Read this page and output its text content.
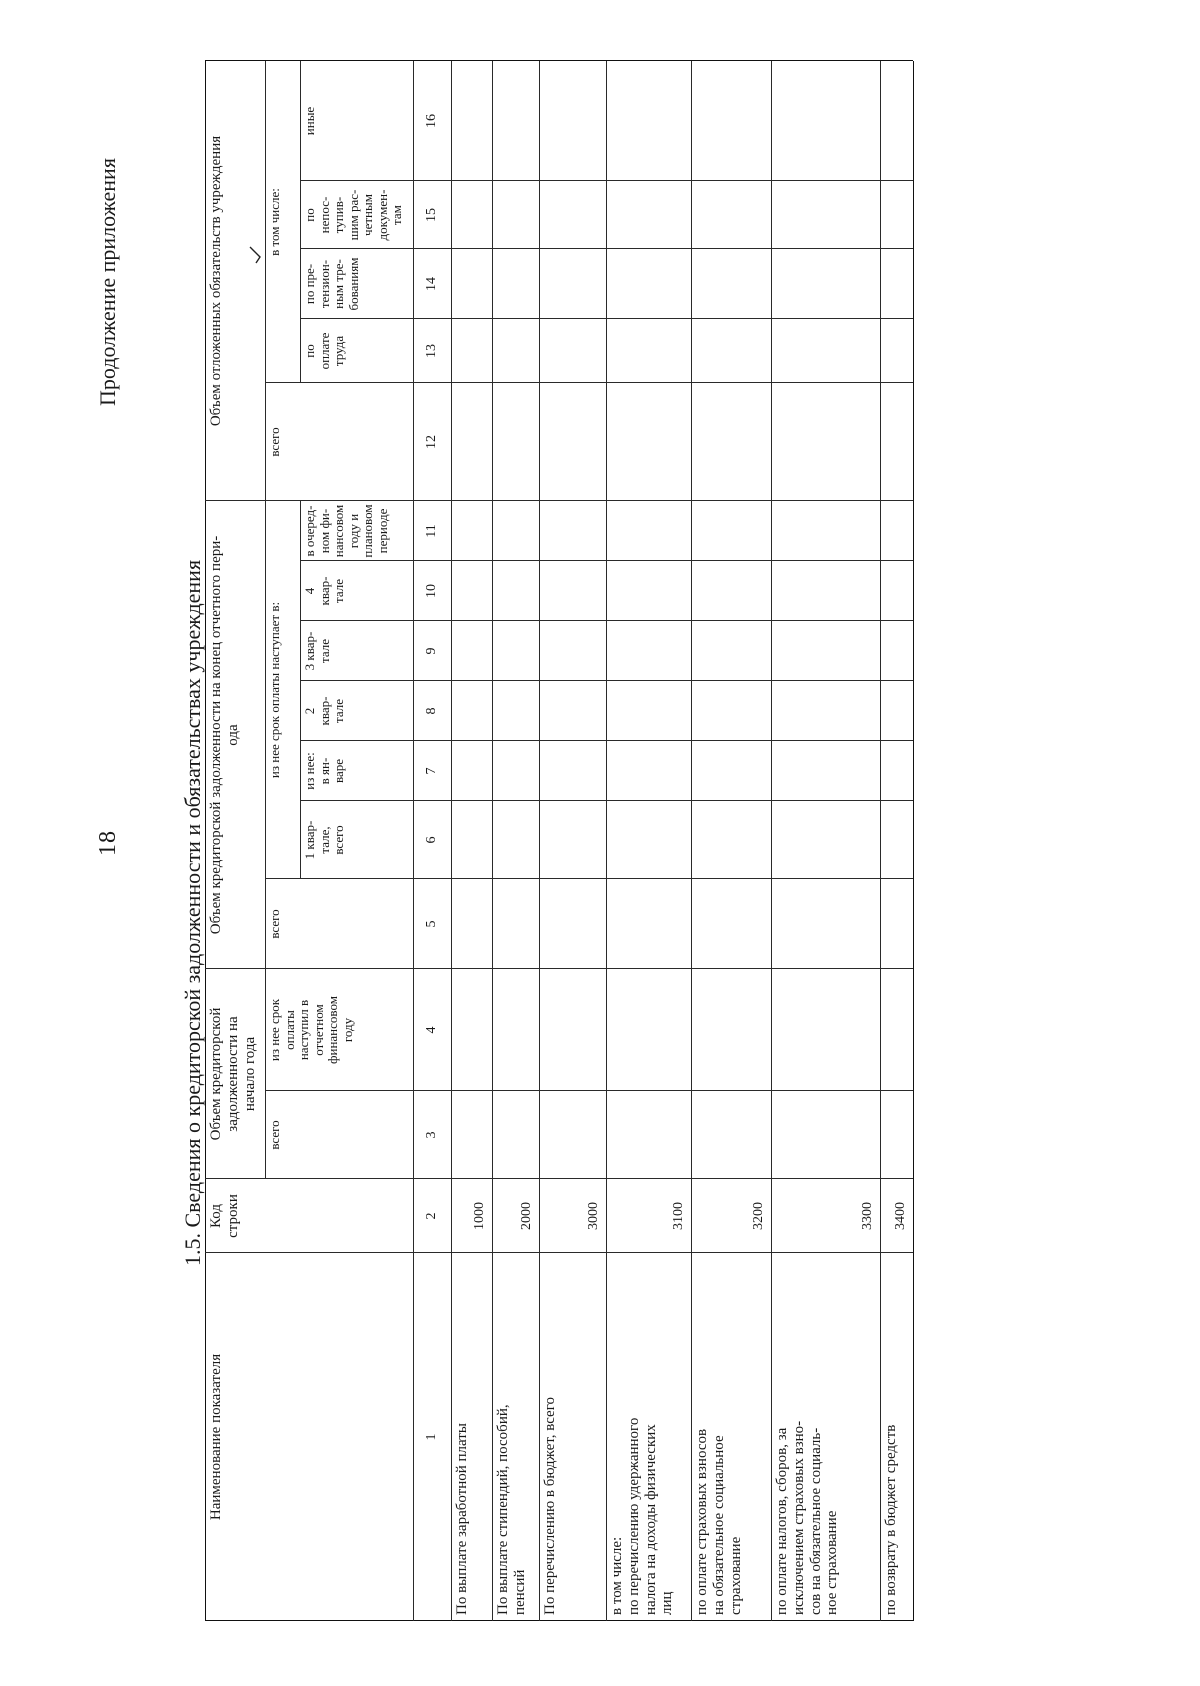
18
Продолжение приложения
1.5. Сведения о кредиторской задолженности и обязательствах учреждения
Наименование показателя
Код
строки
Объем кредиторской
задолженности на
начало года
всего
из нее срок
оплаты
наступил в
отчетном
финансовом
году
Объем кредиторской задолженности на конец отчетного пери-
ода
всего
из нее срок оплаты наступает в:
1 квар-
тале,
всего
из нее:
в ян-
варе
2
квар-
тале
3 квар-
тале
4
квар-
тале
в очеред-
ном фи-
нансовом
году и
плановом
периоде
Объем отложенных обязательств учреждения
всего
в том числе:
по
оплате
труда
по пре-
тензион-
ным тре-
бованиям
по
непос-
тупив-
шим рас-
четным
докумен-
там
иные
1
2
3
4
5
6
7
8
9
10
11
12
13
14
15
16
По выплате заработной платы
1000
По выплате стипендий, пособий,
пенсий
2000
По перечислению в бюджет, всего
3000
в том числе:
по перечислению удержанного
налога на доходы физических
лиц
3100
по оплате страховых взносов
на обязательное социальное
страхование
3200
по оплате налогов, сборов, за
исключением страховых взно-
сов на обязательное социаль-
ное страхование
3300
по возврату в бюджет средств
3400
